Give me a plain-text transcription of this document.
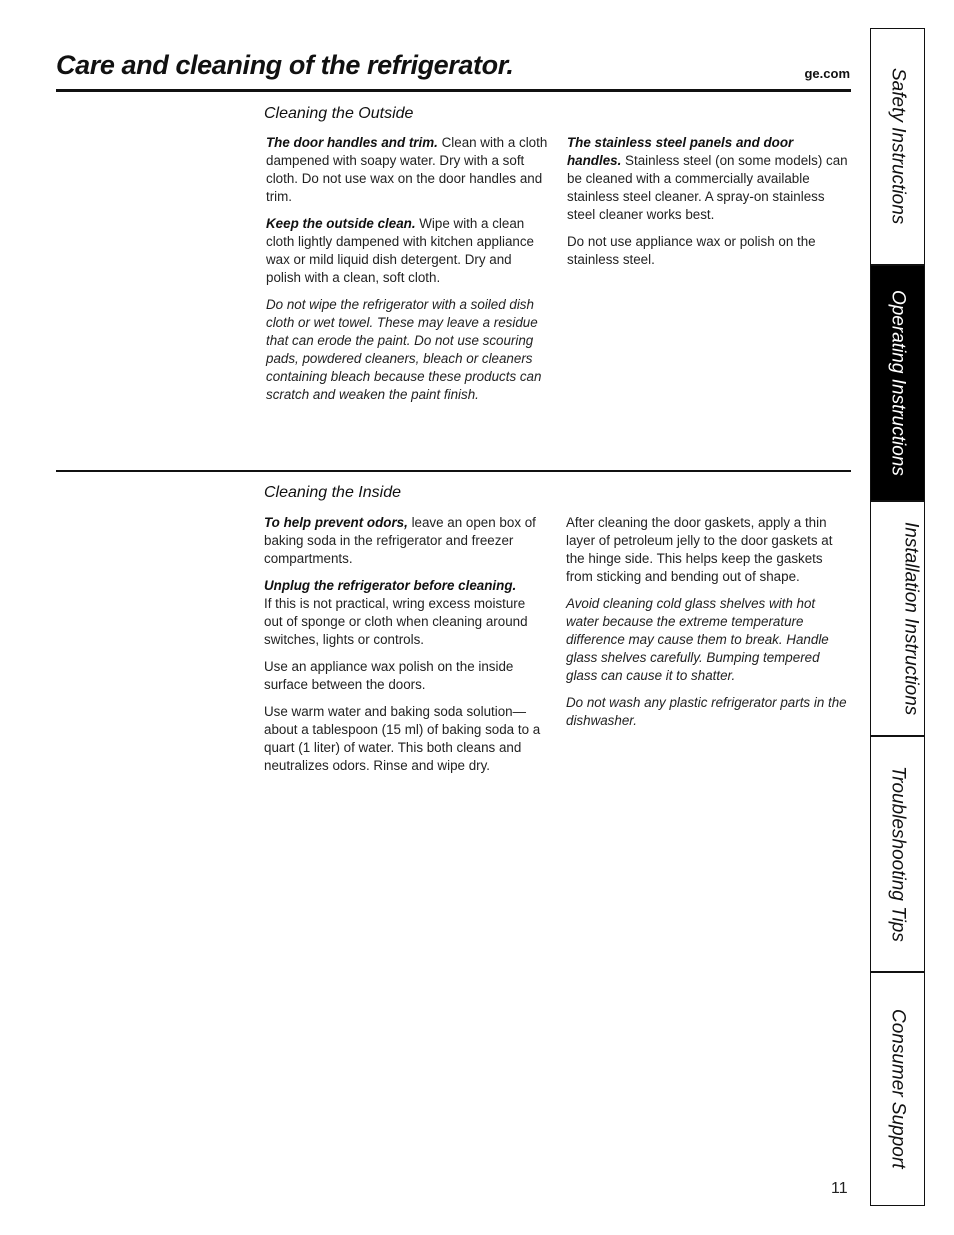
Care and cleaning of the refrigerator.	ge.com
Cleaning the Outside

The door handles and trim. Clean with a cloth dampened with soapy water. Dry with a soft cloth. Do not use wax on the door handles and trim.

Keep the outside clean. Wipe with a clean cloth lightly dampened with kitchen appliance wax or mild liquid dish detergent. Dry and polish with a clean, soft cloth.

Do not wipe the refrigerator with a soiled dish cloth or wet towel. These may leave a residue that can erode the paint. Do not use scouring pads, powdered cleaners, bleach or cleaners containing bleach because these products can scratch and weaken the paint finish.

The stainless steel panels and door handles. Stainless steel (on some models) can be cleaned with a commercially available stainless steel cleaner. A spray-on stainless steel cleaner works best.

Do not use appliance wax or polish on the stainless steel.

Cleaning the Inside

To help prevent odors, leave an open box of baking soda in the refrigerator and freezer compartments.

Unplug the refrigerator before cleaning.
If this is not practical, wring excess moisture out of sponge or cloth when cleaning around switches, lights or controls.

Use an appliance wax polish on the inside surface between the doors.

Use warm water and baking soda solution—about a tablespoon (15 ml) of baking soda to a quart (1 liter) of water. This both cleans and neutralizes odors. Rinse and wipe dry.

After cleaning the door gaskets, apply a thin layer of petroleum jelly to the door gaskets at the hinge side. This helps keep the gaskets from sticking and bending out of shape.

Avoid cleaning cold glass shelves with hot water because the extreme temperature difference may cause them to break. Handle glass shelves carefully. Bumping tempered glass can cause it to shatter.

Do not wash any plastic refrigerator parts in the dishwasher.

11
Safety Instructions
Operating Instructions
Installation Instructions
Troubleshooting Tips
Consumer Support
